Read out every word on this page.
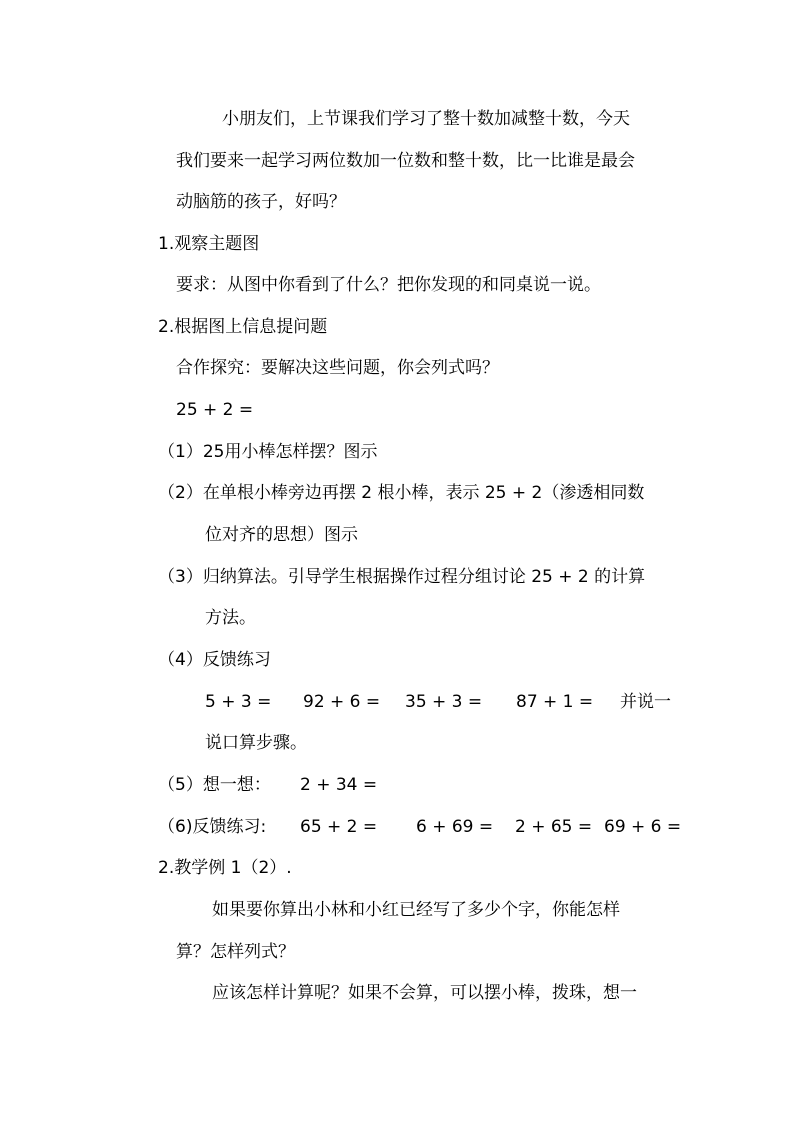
小朋友们，上节课我们学习了整十数加减整十数，今天
我们要来一起学习两位数加一位数和整十数，比一比谁是最会
动脑筋的孩子，好吗？
1.观察主题图
要求：从图中你看到了什么？把你发现的和同桌说一说。
2.根据图上信息提问题
合作探究：要解决这些问题，你会列式吗？
25 + 2 =
（1）25用小棒怎样摆？图示
（2）在单根小棒旁边再摆 2 根小棒，表示 25 + 2（渗透相同数
位对齐的思想）图示
（3）归纳算法。引导学生根据操作过程分组讨论 25 + 2 的计算
方法。
（4）反馈练习
5 + 3 = 92 + 6 = 35 + 3 = 87 + 1 = 并说一
说口算步骤。
（5）想一想： 2 + 34 =
（6)反馈练习: 65 + 2 = 6 + 69 = 2 + 65 = 69 + 6 =
2.教学例 1（2）.
如果要你算出小林和小红已经写了多少个字，你能怎样
算？怎样列式？
应该怎样计算呢？如果不会算，可以摆小棒，拨珠，想一
